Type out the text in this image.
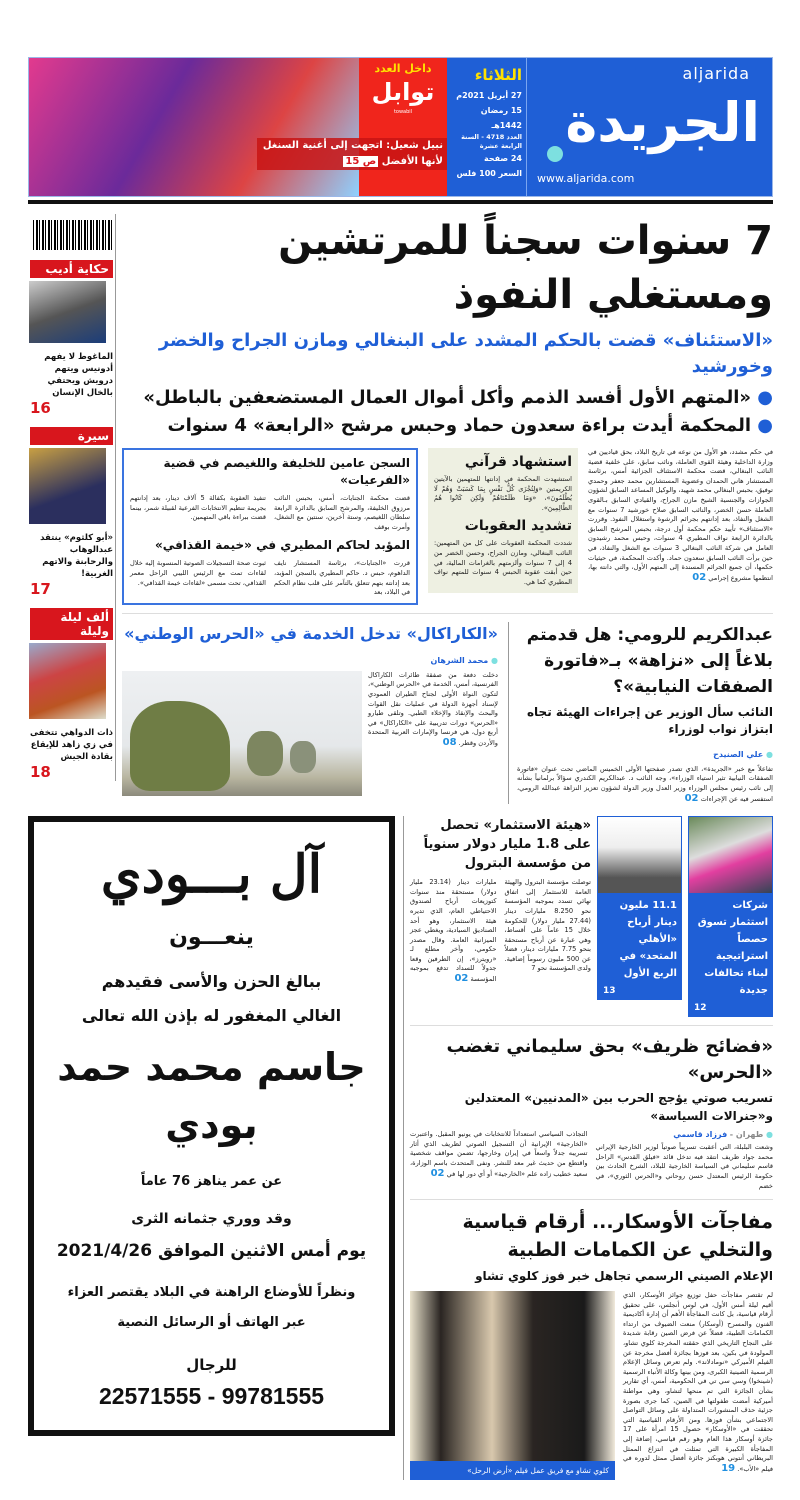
aljarida
الجريدة
www.aljarida.com
الثلاثاء
27 أبريل 2021م
15 رمضان 1442هـ
العدد 4718 - السنة الرابعة عشرة
24 صفحة
السعر 100 فلس
داخل العدد
توابل
towabil
نبيل شعيل: اتجهت إلى أغنية السنغل لأنها الأفضل ص 15
7 سنوات سجناً للمرتشين ومستغلي النفوذ
«الاستئناف» قضت بالحكم المشدد على البنغالي ومازن الجراح والخضر وخورشيد
● «المتهم الأول أفسد الذمم وأكل أموال العمال المستضعفين بالباطل»
● المحكمة أيدت براءة سعدون حماد وحبس مرشح «الرابعة» 4 سنوات
في حكم مشدد، هو الأول من نوعه في تاريخ البلاد، بحق قياديين في وزارة الداخلية وهيئة القوى العاملة، ونائب سابق، على خلفية قضية النائب البنغالي، قضت محكمة الاستئناف الجزائية أمس، برئاسة المستشار هاني الحمدان وعضوية المستشارين محمد جعفر وحمدي توفيق، بحبس البنغالي محمد شهيد، والوكيل المساعد السابق لشؤون الجوازات والجنسية الشيخ مازن الجراح، والقيادي السابق بـالقوى العاملة حسن الخضر، والنائب السابق صلاح خورشيد 7 سنوات مع الشغل والنفاذ، بعد إدانتهم بجرائم الرشوة واستغلال النفوذ. وقررت «الاستئناف» تأييد حكم محكمة أول درجة، بحبس المرشح السابق بالدائرة الرابعة نواف المطيري 4 سنوات، وحبس محمد رشيدون العامل في شركة النائب البنغالي 3 سنوات مع الشغل والنفاذ، في حين برأت النائب السابق سعدون حماد. وأكدت المحكمة، في حيثيات حكمها، أن جميع الجرائم المسندة إلى المتهم الأول، والتي دانته بها، انتظمها مشروع إجرامي 02
استشهاد قرآني
استشهدت المحكمة في إدانتها للمتهمين بالآيتين الكريمتين «وَلِتُجْزَى كُلُّ نَفْسٍ بِمَا كَسَبَتْ وَهُمْ لَا يُظْلَمُونَ»، «وَمَا ظَلَمْنَاهُمْ وَلَكِن كَانُوا هُمُ الظَّالِمِينَ».
تشديد العقوبات
شددت المحكمة العقوبات على كل من المتهمين: النائب البنغالي، ومازن الجراح، وحسن الخضر من 4 إلى 7 سنوات وألزمتهم بالغرامات المالية، في حين أبقت عقوبة الحبس 4 سنوات للمتهم نواف المطيري كما هي.
السجن عامين للخليفة واللغيصم في قضية «الفرعيات»
قضت محكمة الجنايات، أمس، بحبس النائب مرزوق الخليفة، والمرشح السابق بالدائرة الرابعة سلطان اللغيصم، وستة آخرين، سنتين مع الشغل، وأمرت بوقف
تنفيذ العقوبة بكفالة 5 آلاف دينار، بعد إدانتهم بجريمة تنظيم الانتخابات الفرعية لقبيلة شمر، بينما قضت ببراءة باقي المتهمين.
المؤبد لحاكم المطيري في «خيمة القذافي»
قررت «الجنايات»، برئاسة المستشار نايف الداهوم، حبس د. حاكم المطيري بالسجن المؤبد، بعد إدانته بتهم تتعلق بالتآمر على قلب نظام الحكم في البلاد، بعد
ثبوت صحة التسجيلات الصوتية المنسوبة إليه خلال لقاءات تمت مع الرئيس الليبي الراحل معمر القذافي، تحت مسمى «لقاءات خيمة القذافي».
عبدالكريم للرومي: هل قدمتم بلاغاً إلى «نزاهة» بـ«فاتورة الصفقات النيابية»؟
النائب سأل الوزير عن إجراءات الهيئة تجاه ابتزاز نواب لوزراء
● علي الصنيدح
تفاعلاً مع خبر «الجريدة»، الذي تصدر صفحتها الأولى الخميس الماضي تحت عنوان «فاتورة الصفقات النيابية تثير استياء الوزراء»، وجه النائب د. عبدالكريم الكندري سؤالاً برلمانياً بشأنه إلى نائب رئيس مجلس الوزراء وزير العدل وزير الدولة لشؤون تعزيز النزاهة عبدالله الرومي، استفسر فيه عن الإجراءات 02
«الكاراكال» تدخل الخدمة في «الحرس الوطني»
● محمد الشرهان
دخلت دفعة من صفقة طائرات الكاراكال الفرنسية، أمس، الخدمة في «الحرس الوطني»، لتكون النواة الأولى لجناح الطيران العمودي لإسناد أجهزة الدولة في عمليات نقل القوات والبحث والإنقاذ والإخلاء الطبي. وتلقى طيارو «الحرس» دورات تدريبية على «الكاراكال» في أربع دول، هي فرنسا والإمارات العربية المتحدة والأردن وقطر. 08
حكاية أديب
الماغوط لا يفهم أدونيس ويتهم درويش ويحتفي بالخال الإنسان
16
سيرة
«أبو كلثوم» ينتقد عبدالوهاب والرحابنة والاتهم الغربية!
17
ألف ليلة وليلة
ذات الدواهي تتخفى في زي زاهد للإيقاع بقادة الجيش
18
شركات استثمار تسوق حصصاً استراتيجية لبناء تحالفات جديدة
12
11.1 مليون دينار أرباح «الأهلي المتحد» في الربع الأول
13
«هيئة الاستثمار» تحصل على 1.8 مليار دولار سنوياً من مؤسسة البترول
توصلت مؤسسة البترول والهيئة العامة للاستثمار إلى اتفاق نهائي تسدد بموجبه المؤسسة نحو 8.250 مليارات دينار (27.44 مليار دولار) للحكومة خلال 15 عاماً على أقساط، وهي عبارة عن أرباح مستحقة بنحو 7.75 مليارات دينار، فضلاً عن 500 مليون رسوماً إضافية. ولدى المؤسسة نحو 7
مليارات دينار (23.14 مليار دولار) مستحقة منذ سنوات كتوزيعات أرباح لصندوق الاحتياطي العام، الذي تديره هيئة الاستثمار، وهو أحد الصناديق السيادية، ويغطي عجز الميزانية العامة. وقال مصدر حكومي، وآخر مطلع لـ «رويترز»، إن الطرفين وقعا جدولاً للسداد تدفع بموجبه المؤسسة 02
«فضائح ظريف» بحق سليماني تغضب «الحرس»
تسريب صوتي يؤجج الحرب بين «المدنيين» المعتدلين و«جنرالات السياسة»
● طهران - فرزاد قاسمي
وشعت البلبلة، التي أعقبت تسريباً صوتياً لوزير الخارجية الإيراني محمد جواد ظريف انتقد فيه تدخل قائد «فيلق القدس» الراحل قاسم سليماني في السياسة الخارجية للبلاد، الشرخ الحادث بين حكومة الرئيس المعتدل حسن روحاني و«الحرس الثوري»، في خضم
التجاذب السياسي استعداداً للانتخابات في يونيو المقبل. واعتبرت «الخارجية» الإيرانية أن التسجيل الصوتي لظريف الذي أثار تسريبه جدلاً واسعاً في إيران وخارجها، تضمن مواقف شخصية واقتطع من حديث غير معد للنشر. ونفى المتحدث باسم الوزارة، سعيد خطيب زاده علم «الخارجية» أو أي دور لها في 02
مفاجآت الأوسكار... أرقام قياسية والتخلي عن الكمامات الطبية
الإعلام الصيني الرسمي تجاهل خبر فوز كلوي تشاو
لم تقتصر مفاجآت حفل توزيع جوائز الأوسكار، الذي أقيم ليلة أمس الأول، في لوس أنجلس، على تحقيق أرقام قياسية، بل كانت المفاجأة الأهم أن إدارة أكاديمية الفنون والمسرح (أوسكار) منعت الضيوف من ارتداء الكمامات الطبية، فضلاً عن فرض الصين رقابة شديدة على النجاح التاريخي الذي حققته المخرجة كلوي تشاو، المولودة في بكين، بعد فوزها بجائزة أفضل مخرجة عن الفيلم الأميركي «نومادلاند». ولم تعرض وسائل الإعلام الرسمية الصينية الكبرى، ومن بينها وكالة الأنباء الرسمية (شينخوا) وسي سي تي في الحكومية، أمس، أي تقارير بشأن الجائزة التي تم منحها لتشاو، وهي مواطنة أميركية أمضت طفولتها في الصين، كما جرى بصورة جزئية حذف المنشورات المتداولة على وسائل التواصل الاجتماعي بشأن فوزها. ومن الأرقام القياسية التي تحققت في «الأوسكار» حصول 15 امرأة على 17 جائزة أوسكار هذا العام وهو رقم قياسي، إضافة إلى المفاجأة الكبيرة التي تمثلت في انتزاع الممثل البريطاني أنتوني هوبكنز جائزة أفضل ممثل لدوره في فيلم «الأب». 19
كلوي تشاو مع فريق عمل فيلم «أرض الرحل»
آل بـــودي
ينعـــون
ببالغ الحزن والأسى فقيدهم
الغالي المغفور له بإذن الله تعالى
جاسم محمد حمد بودي
عن عمر يناهز 76 عاماً
وقد ووري جثمانه الثرى
يوم أمس الاثنين الموافق 2021/4/26
ونظراً للأوضاع الراهنة في البلاد يقتصر العزاء
عبر الهاتف أو الرسائل النصية
للرجال
22571555 - 99781555
